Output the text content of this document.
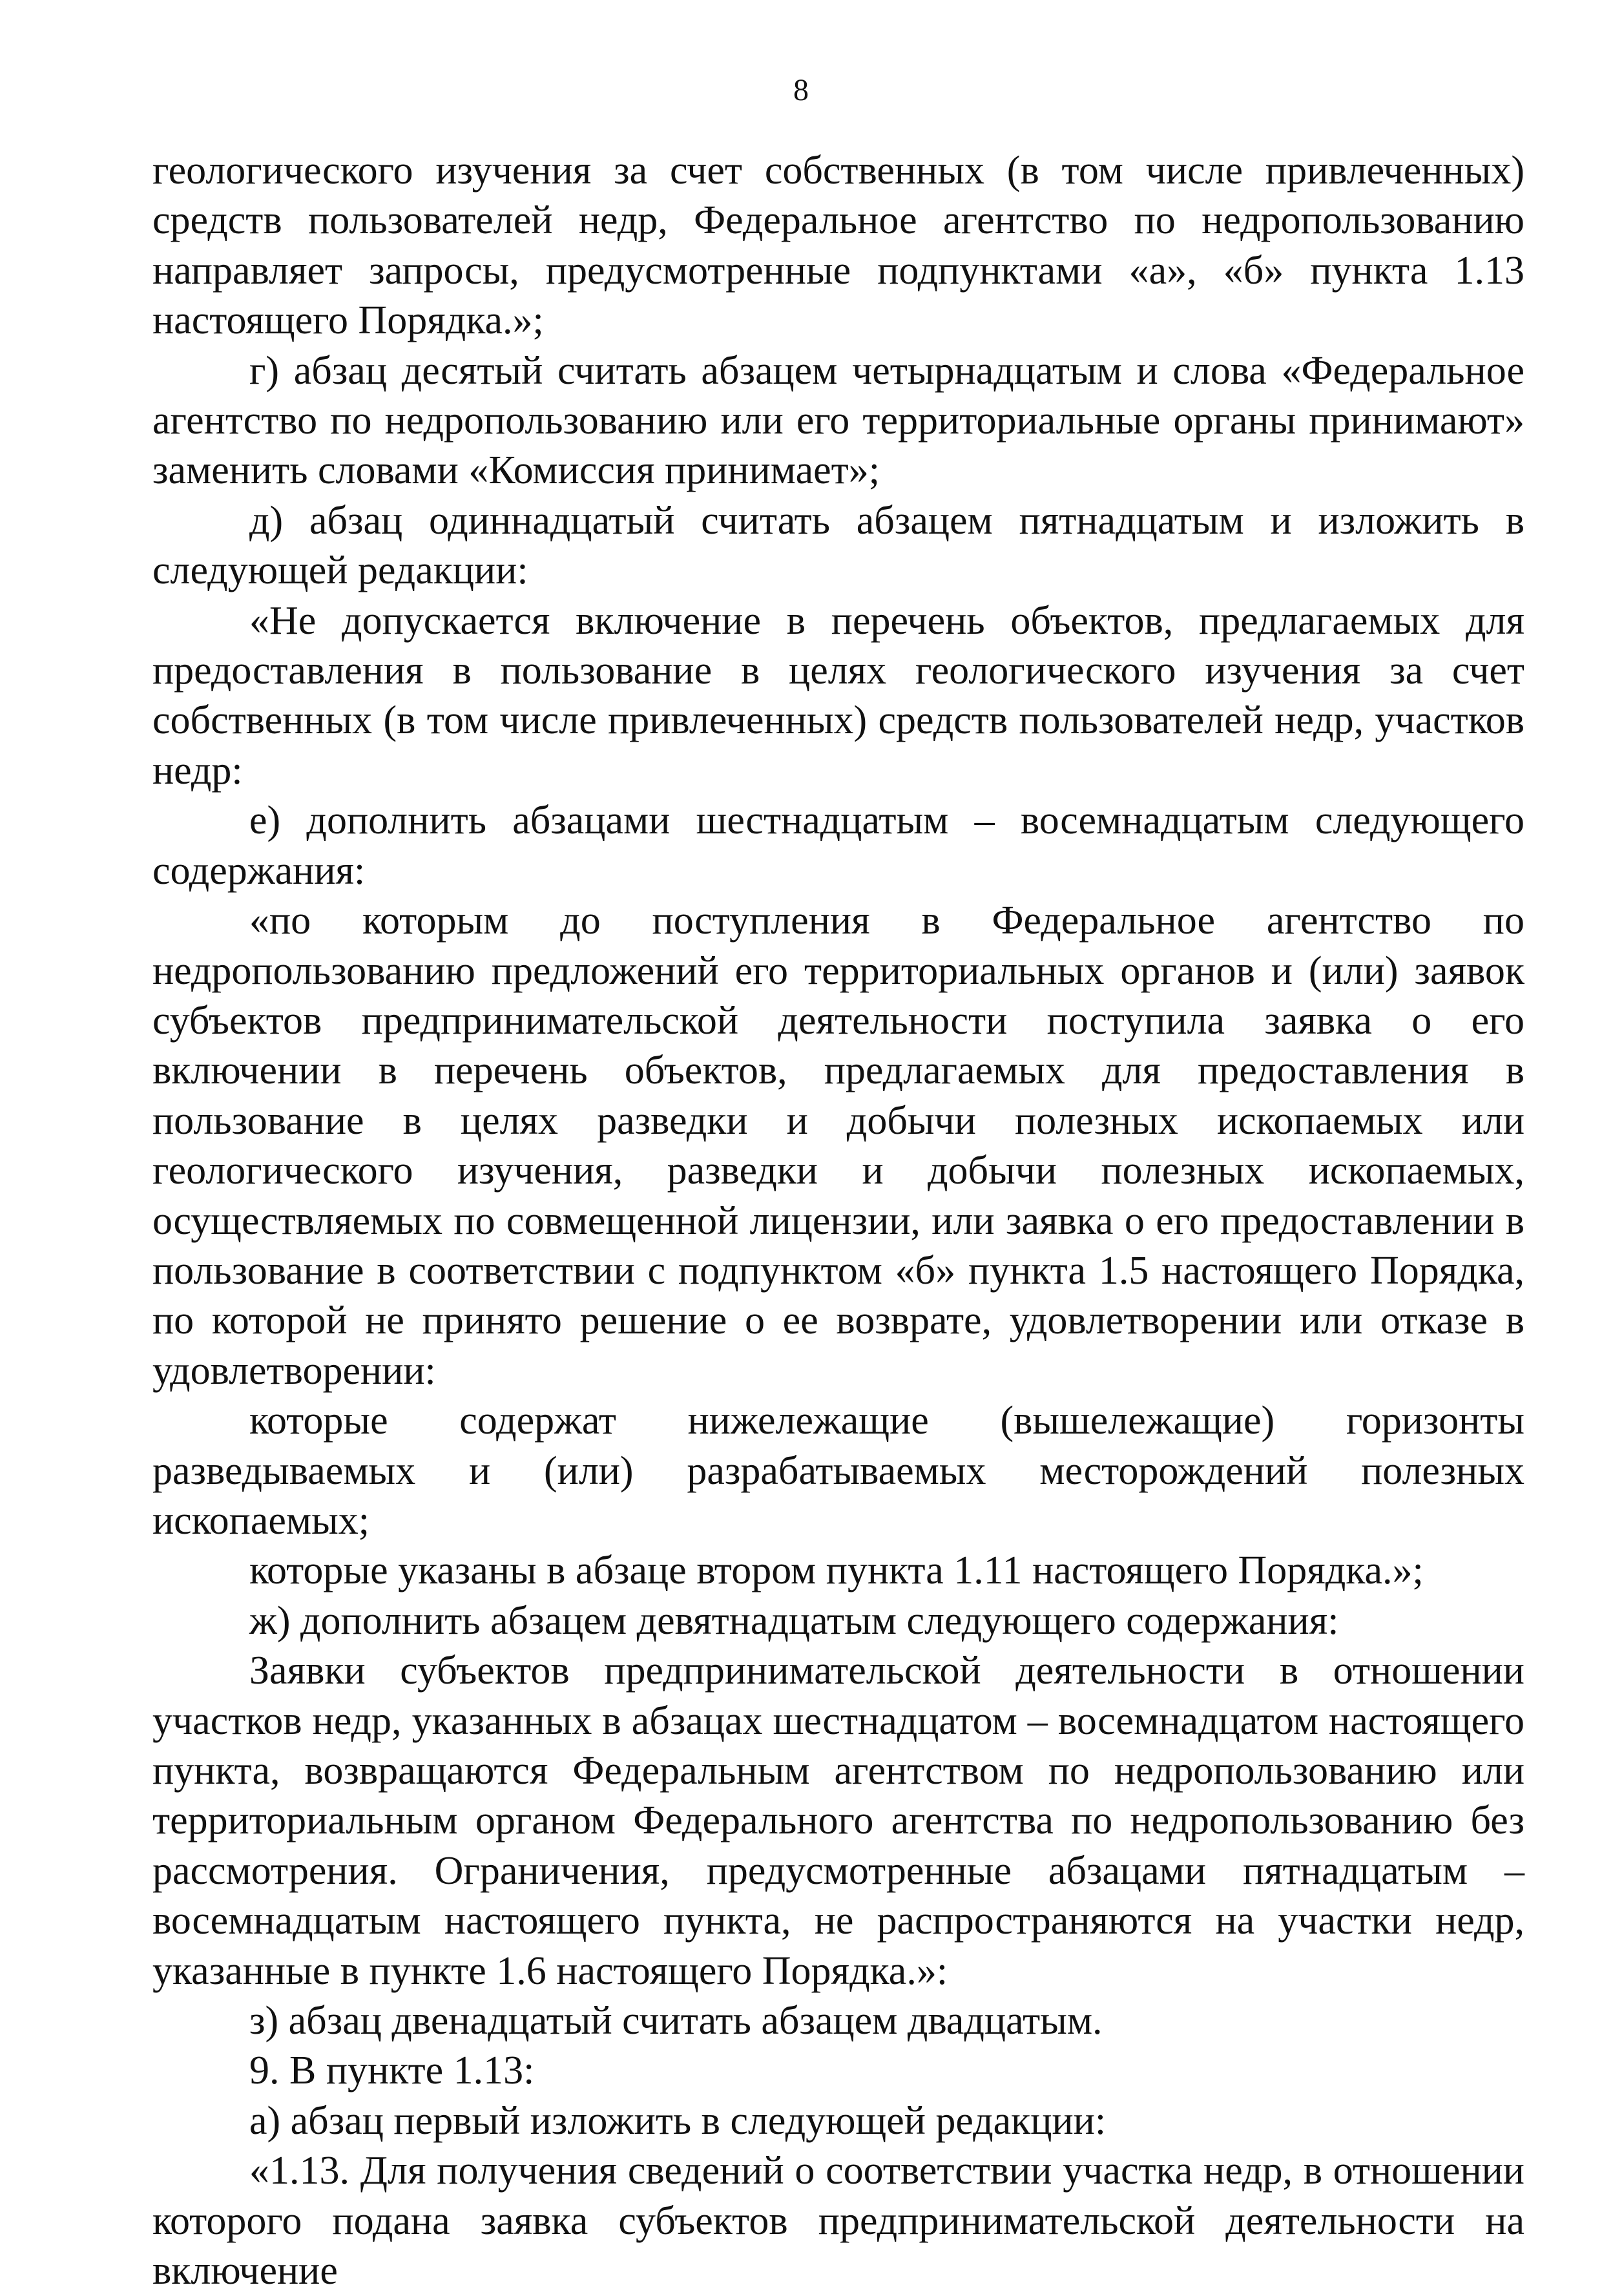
8

геологического изучения за счет собственных (в том числе привлеченных) средств пользователей недр, Федеральное агентство по недропользованию направляет запросы, предусмотренные подпунктами «а», «б» пункта 1.13 настоящего Порядка.»;

г) абзац десятый считать абзацем четырнадцатым и слова «Федеральное агентство по недропользованию или его территориальные органы принимают» заменить словами «Комиссия принимает»;

д) абзац одиннадцатый считать абзацем пятнадцатым и изложить в следующей редакции:

«Не допускается включение в перечень объектов, предлагаемых для предоставления в пользование в целях геологического изучения за счет собственных (в том числе привлеченных) средств пользователей недр, участков недр:

е) дополнить абзацами шестнадцатым – восемнадцатым следующего содержания:

«по которым до поступления в Федеральное агентство по недропользованию предложений его территориальных органов и (или) заявок субъектов предпринимательской деятельности поступила заявка о его включении в перечень объектов, предлагаемых для предоставления в пользование в целях разведки и добычи полезных ископаемых или геологического изучения, разведки и добычи полезных ископаемых, осуществляемых по совмещенной лицензии, или заявка о его предоставлении в пользование в соответствии с подпунктом «б» пункта 1.5 настоящего Порядка, по которой не принято решение о ее возврате, удовлетворении или отказе в удовлетворении:

которые содержат нижележащие (вышележащие) горизонты разведываемых и (или) разрабатываемых месторождений полезных ископаемых;

которые указаны в абзаце втором пункта 1.11 настоящего Порядка.»;

ж) дополнить абзацем девятнадцатым следующего содержания:

Заявки субъектов предпринимательской деятельности в отношении участков недр, указанных в абзацах шестнадцатом – восемнадцатом настоящего пункта, возвращаются Федеральным агентством по недропользованию или территориальным органом Федерального агентства по недропользованию без рассмотрения. Ограничения, предусмотренные абзацами пятнадцатым – восемнадцатым настоящего пункта, не распространяются на участки недр, указанные в пункте 1.6 настоящего Порядка.»:

з) абзац двенадцатый считать абзацем двадцатым.

9. В пункте 1.13:

а) абзац первый изложить в следующей редакции:

«1.13. Для получения сведений о соответствии участка недр, в отношении которого подана заявка субъектов предпринимательской деятельности на включение
